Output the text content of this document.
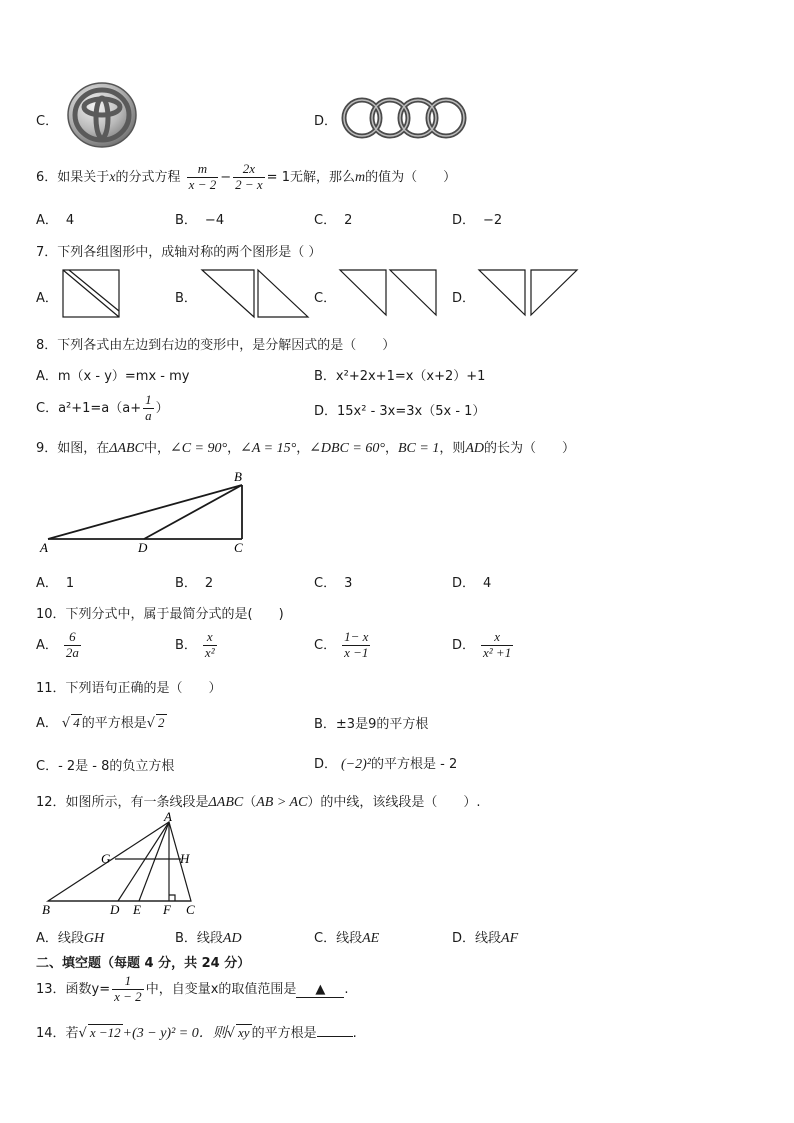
C．	D．
6．如果关于x的分式方程 $\frac{m}{x - 2} - \frac{2x}{2 - x} = 1$无解，那么m的值为（　　）
A． 4	B． −4	C． 2	D． −2
7．下列各组图形中，成轴对称的两个图形是（ ）
A．	B．	C．	D．
8．下列各式由左边到右边的变形中，是分解因式的是（　　）
A．m（x - y）=mx - my	B．x²+2x+1=x（x+2）+1
C．$a^2+1=a(a+ \frac{1}{a}$ ）	D．15x² - 3x=3x（5x - 1）
9．如图，在ΔABC中，∠C = 90°，∠A = 15°，∠DBC = 60°，BC = 1，则AD的长为（　　）
A
B
C
D
A． 1	B． 2	C． 3	D． 4
10．下列分式中，属于最简分式的是(　　)
A． $\frac{6}{2a}$	B． $\frac{x}{\text{x²}}$	C． $\frac{1- x}{x -1}$	D． $\frac{x}{\text{x² +1}}$
11．下列语句正确的是（　　）
A． √ 4 的平方根是√ 2	B．±3是9的平方根
C．- 2是 - 8的负立方根	D． (−2)²的平方根是 - 2
12．如图所示，有一条线段是ΔABC（AB > AC）的中线，该线段是（　　）.
A
B	C
D E F
G	H
A．线段GH	B．线段AD	C．线段AE	D．线段AF
二、填空题（每题 4 分，共 24 分）
13．函数$y= \frac{1}{x - 2}$ 中，自变量x的取值范围是 ▲ .
14．若√ x −12 +(3 − y)² = 0．则√ xy 的平方根是	.
